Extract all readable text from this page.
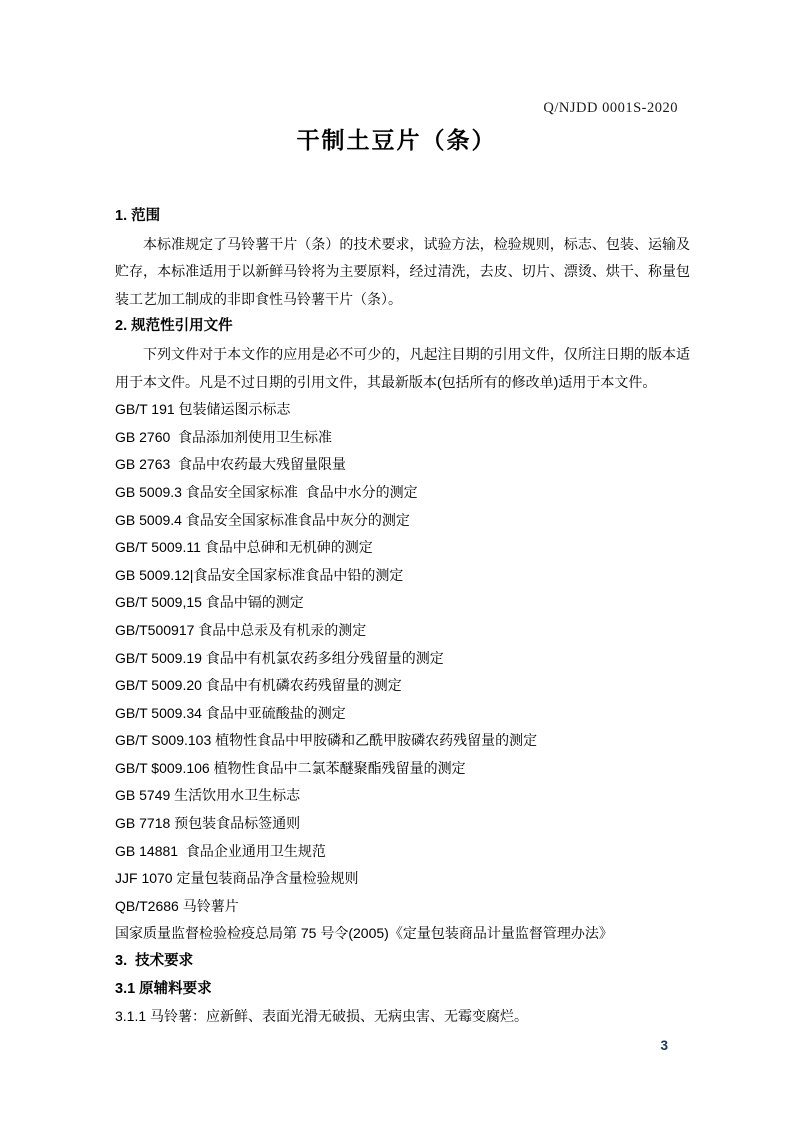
Q/NJDD 0001S-2020
干制土豆片（条）
1. 范围
本标准规定了马铃薯干片（条）的技术要求，试验方法，检验规则，标志、包装、运输及贮存，本标准适用于以新鲜马铃将为主要原料，经过清洗，去皮、切片、漂烫、烘干、称量包装工艺加工制成的非即食性马铃薯干片（条）。
2. 规范性引用文件
下列文件对于本文作的应用是必不可少的，凡起注目期的引用文件，仅所注日期的版本适用于本文件。凡是不过日期的引用文件，其最新版本(包括所有的修改单)适用于本文件。
GB/T 191 包装储运图示标志
GB 2760  食品添加剂使用卫生标准
GB 2763  食品中农药最大残留量限量
GB 5009.3 食品安全国家标准  食品中水分的测定
GB 5009.4 食品安全国家标准食品中灰分的测定
GB/T 5009.11 食品中总砷和无机砷的测定
GB 5009.12|食品安全国家标准食品中铅的测定
GB/T 5009,15 食品中镉的测定
GB/T500917 食品中总汞及有机汞的测定
GB/T 5009.19 食品中有机氯农药多组分残留量的测定
GB/T 5009.20 食品中有机磷农药残留量的测定
GB/T 5009.34 食品中亚硫酸盐的测定
GB/T S009.103 植物性食品中甲胺磷和乙酰甲胺磷农药残留量的测定
GB/T $009.106 植物性食品中二氯苯醚聚酯残留量的测定
GB 5749 生活饮用水卫生标志
GB 7718 预包装食品标签通则
GB 14881  食品企业通用卫生规范
JJF 1070 定量包装商品净含量检验规则
QB/T2686 马铃薯片
国家质量监督检验检疫总局第 75 号令(2005)《定量包装商品计量监督管理办法》
3.  技术要求
3.1 原辅料要求
3.1.1 马铃薯：应新鲜、表面光滑无破损、无病虫害、无霉变腐烂。
3
